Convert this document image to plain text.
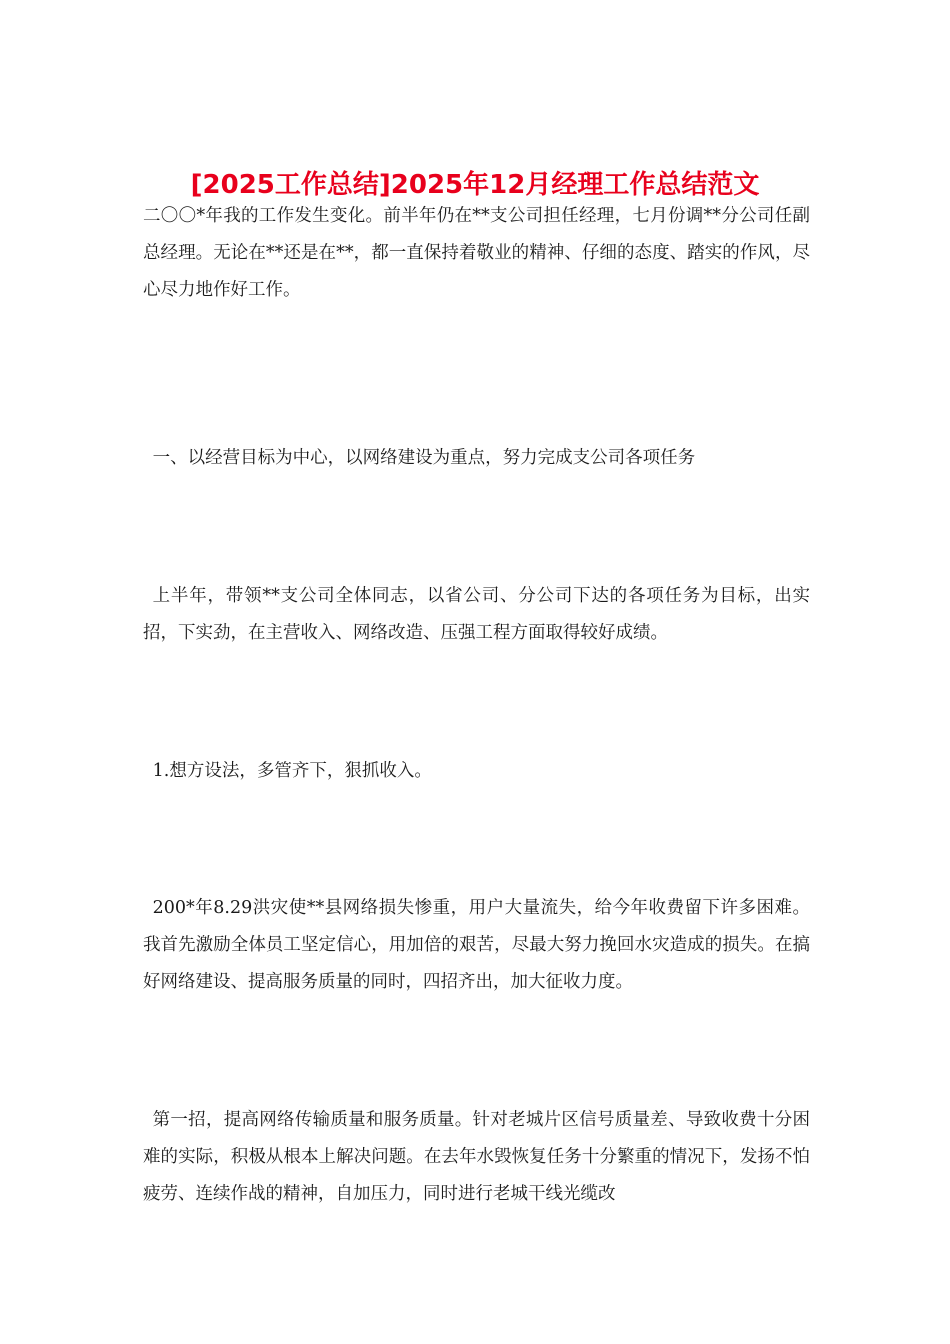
[2025工作总结]2025年12月经理工作总结范文

二〇〇*年我的工作发生变化。前半年仍在**支公司担任经理，七月份调**分公司任副总经理。无论在**还是在**，都一直保持着敬业的精神、仔细的态度、踏实的作风，尽心尽力地作好工作。

一、以经营目标为中心，以网络建设为重点，努力完成支公司各项任务

上半年，带领**支公司全体同志，以省公司、分公司下达的各项任务为目标，出实招，下实劲，在主营收入、网络改造、压强工程方面取得较好成绩。

1.想方设法，多管齐下，狠抓收入。

200*年8.29洪灾使**县网络损失惨重，用户大量流失，给今年收费留下许多困难。我首先激励全体员工坚定信心，用加倍的艰苦，尽最大努力挽回水灾造成的损失。在搞好网络建设、提高服务质量的同时，四招齐出，加大征收力度。

第一招，提高网络传输质量和服务质量。针对老城片区信号质量差、导致收费十分困难的实际，积极从根本上解决问题。在去年水毁恢复任务十分繁重的情况下，发扬不怕疲劳、连续作战的精神，自加压力，同时进行老城干线光缆改
